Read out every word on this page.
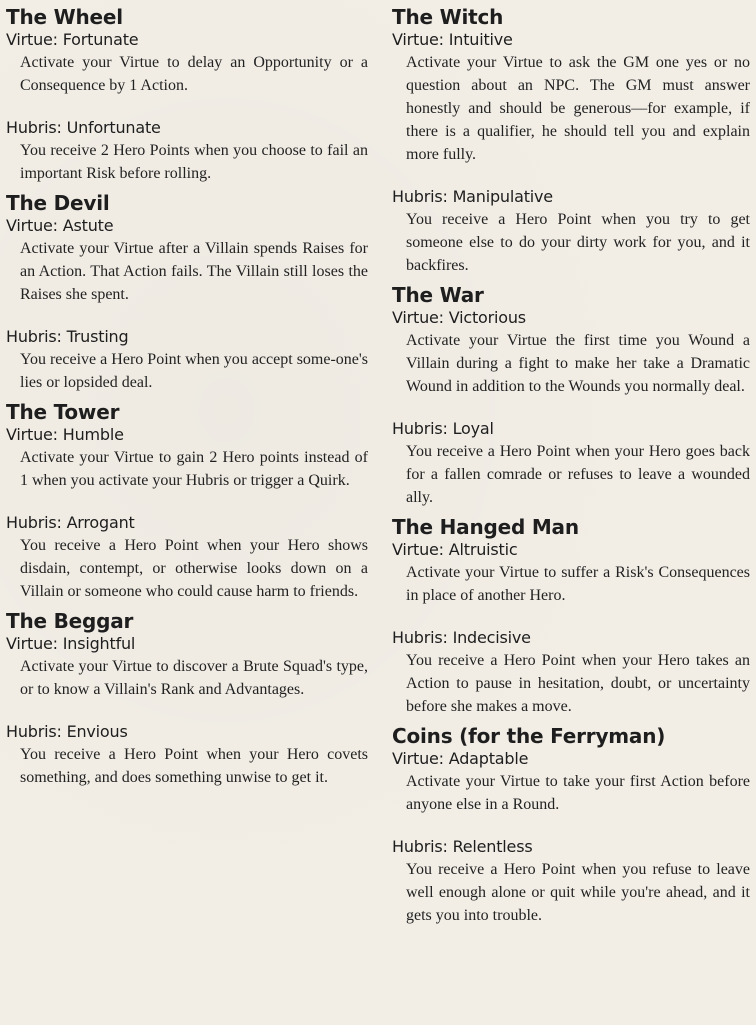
The Wheel
Virtue: Fortunate

Activate your Virtue to delay an Opportunity or a Consequence by 1 Action.

Hubris: Unfortunate

You receive 2 Hero Points when you choose to fail an important Risk before rolling.

The Devil
Virtue: Astute

Activate your Virtue after a Villain spends Raises for an Action. That Action fails. The Villain still loses the Raises she spent.

Hubris: Trusting

You receive a Hero Point when you accept some-one's lies or lopsided deal.

The Tower
Virtue: Humble

Activate your Virtue to gain 2 Hero points instead of 1 when you activate your Hubris or trigger a Quirk.

Hubris: Arrogant

You receive a Hero Point when your Hero shows disdain, contempt, or otherwise looks down on a Villain or someone who could cause harm to friends.

The Beggar
Virtue: Insightful

Activate your Virtue to discover a Brute Squad's type, or to know a Villain's Rank and Advantages.

Hubris: Envious

You receive a Hero Point when your Hero covets something, and does something unwise to get it.

The Witch
Virtue: Intuitive

Activate your Virtue to ask the GM one yes or no question about an NPC. The GM must answer honestly and should be generous—for example, if there is a qualifier, he should tell you and explain more fully.

Hubris: Manipulative

You receive a Hero Point when you try to get someone else to do your dirty work for you, and it backfires.

The War
Virtue: Victorious

Activate your Virtue the first time you Wound a Villain during a fight to make her take a Dramatic Wound in addition to the Wounds you normally deal.

Hubris: Loyal

You receive a Hero Point when your Hero goes back for a fallen comrade or refuses to leave a wounded ally.

The Hanged Man
Virtue: Altruistic

Activate your Virtue to suffer a Risk's Consequences in place of another Hero.

Hubris: Indecisive

You receive a Hero Point when your Hero takes an Action to pause in hesitation, doubt, or uncertainty before she makes a move.

Coins (for the Ferryman)
Virtue: Adaptable

Activate your Virtue to take your first Action before anyone else in a Round.

Hubris: Relentless

You receive a Hero Point when you refuse to leave well enough alone or quit while you're ahead, and it gets you into trouble.
